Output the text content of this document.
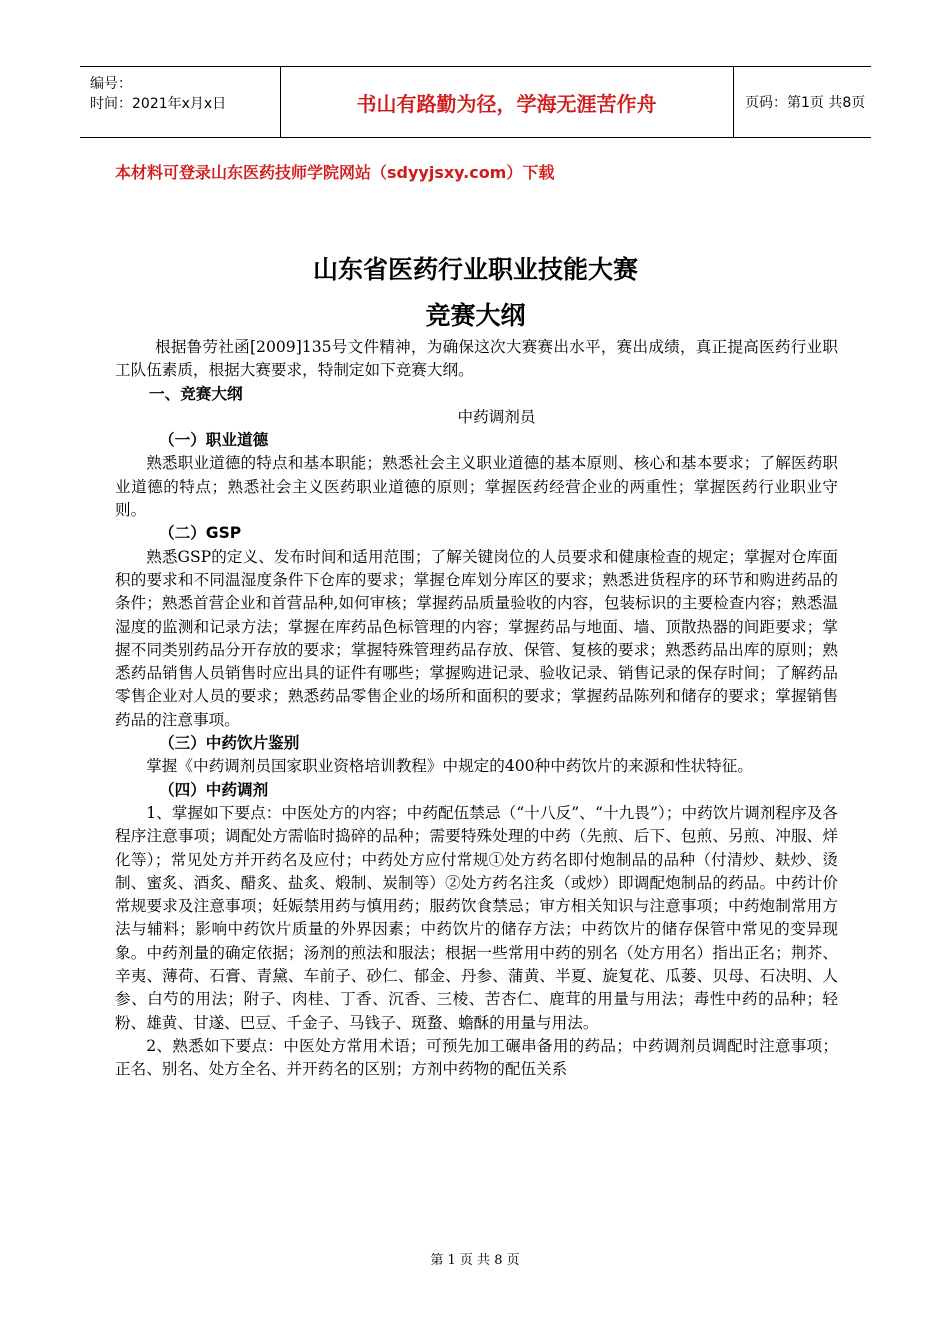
编号：
时间：2021年x月x日	书山有路勤为径，学海无涯苦作舟	页码：第1页 共8页
本材料可登录山东医药技师学院网站（sdyyjsxy.com）下载
山东省医药行业职业技能大赛
竞赛大纲

根据鲁劳社函[2009]135号文件精神，为确保这次大赛赛出水平，赛出成绩，真正提高医药行业职工队伍素质，根据大赛要求，特制定如下竞赛大纲。

一、竞赛大纲

中药调剂员

（一）职业道德

熟悉职业道德的特点和基本职能；熟悉社会主义职业道德的基本原则、核心和基本要求；了解医药职业道德的特点；熟悉社会主义医药职业道德的原则；掌握医药经营企业的两重性；掌握医药行业职业守则。

（二）GSP

熟悉GSP的定义、发布时间和适用范围；了解关键岗位的人员要求和健康检查的规定；掌握对仓库面积的要求和不同温湿度条件下仓库的要求；掌握仓库划分库区的要求；熟悉进货程序的环节和购进药品的条件；熟悉首营企业和首营品种,如何审核；掌握药品质量验收的内容，包装标识的主要检查内容；熟悉温湿度的监测和记录方法；掌握在库药品色标管理的内容；掌握药品与地面、墙、顶散热器的间距要求；掌握不同类别药品分开存放的要求；掌握特殊管理药品存放、保管、复核的要求；熟悉药品出库的原则；熟悉药品销售人员销售时应出具的证件有哪些；掌握购进记录、验收记录、销售记录的保存时间；了解药品零售企业对人员的要求；熟悉药品零售企业的场所和面积的要求；掌握药品陈列和储存的要求；掌握销售药品的注意事项。

（三）中药饮片鉴别

掌握《中药调剂员国家职业资格培训教程》中规定的400种中药饮片的来源和性状特征。

（四）中药调剂

1、掌握如下要点：中医处方的内容；中药配伍禁忌（“十八反”、“十九畏”）；中药饮片调剂程序及各程序注意事项；调配处方需临时捣碎的品种；需要特殊处理的中药（先煎、后下、包煎、另煎、冲服、烊化等）；常见处方并开药名及应付；中药处方应付常规①处方药名即付炮制品的品种（付清炒、麸炒、烫制、蜜炙、酒炙、醋炙、盐炙、煅制、炭制等）②处方药名注炙（或炒）即调配炮制品的药品。中药计价常规要求及注意事项；妊娠禁用药与慎用药；服药饮食禁忌；审方相关知识与注意事项；中药炮制常用方法与辅料；影响中药饮片质量的外界因素；中药饮片的储存方法；中药饮片的储存保管中常见的变异现象。中药剂量的确定依据；汤剂的煎法和服法；根据一些常用中药的别名（处方用名）指出正名；荆芥、辛夷、薄荷、石膏、青黛、车前子、砂仁、郁金、丹参、蒲黄、半夏、旋复花、瓜蒌、贝母、石决明、人参、白芍的用法；附子、肉桂、丁香、沉香、三棱、苦杏仁、鹿茸的用量与用法；毒性中药的品种；轻粉、雄黄、甘遂、巴豆、千金子、马钱子、斑蝥、蟾酥的用量与用法。

2、熟悉如下要点：中医处方常用术语；可预先加工碾串备用的药品；中药调剂员调配时注意事项；正名、别名、处方全名、并开药名的区别；方剂中药物的配伍关系

第 1 页 共 8 页
